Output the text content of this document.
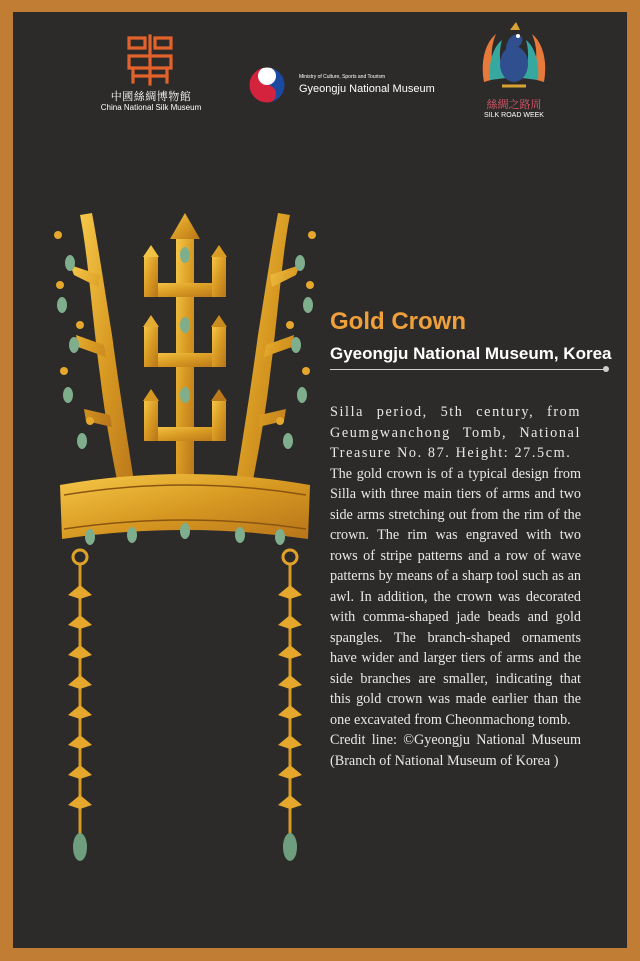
中國絲綢博物館
China National Silk Museum
Ministry of Culture, Sports and Tourism
Gyeongju National Museum
絲綢之路周
SILK ROAD WEEK
Gold Crown
Gyeongju National Museum, Korea

Silla period, 5th century, from Geumgwanchong Tomb, National Treasure No. 87. Height: 27.5cm.

The gold crown is of a typical design from Silla with three main tiers of arms and two side arms stretching out from the rim of the crown. The rim was engraved with two rows of stripe patterns and a row of wave patterns by means of a sharp tool such as an awl. In addition, the crown was decorated with comma-shaped jade beads and gold spangles. The branch-shaped ornaments have wider and larger tiers of arms and the side branches are smaller, indicating that this gold crown was made earlier than the one excavated from Cheonmachong tomb.

Credit line: ©Gyeongju National Museum (Branch of National Museum of Korea )
